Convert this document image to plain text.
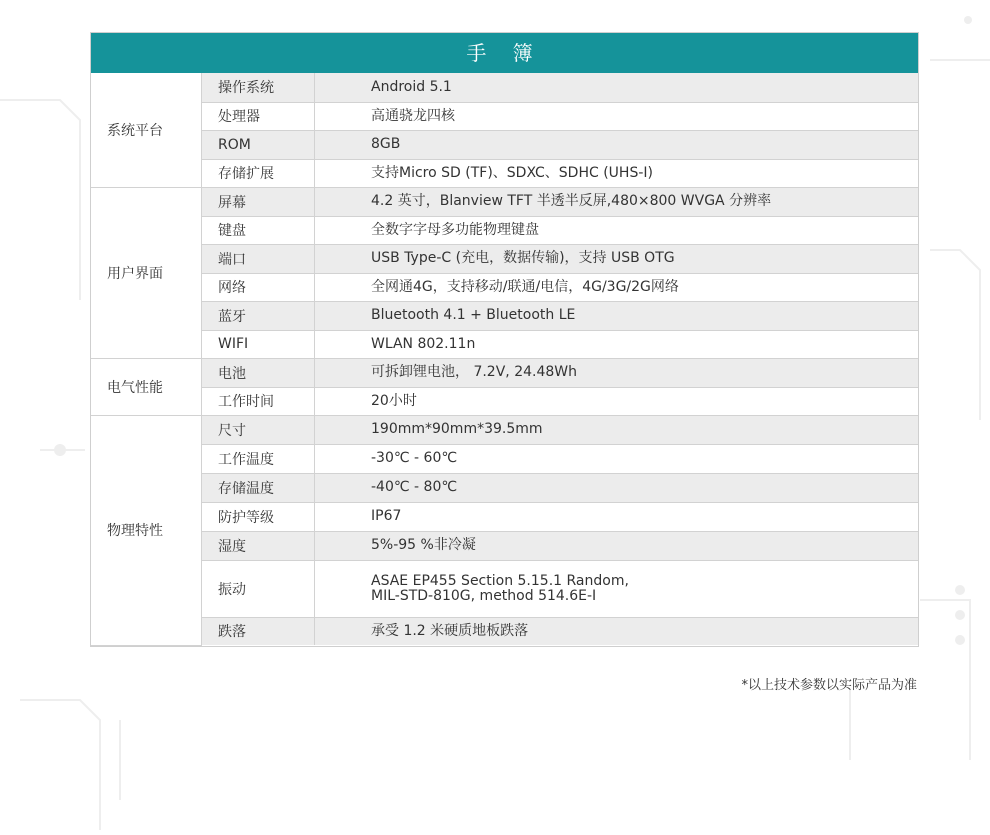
手 簿
系统平台	操作系统	Android 5.1
	处理器	高通骁龙四核
	ROM	8GB
	存储扩展	支持Micro SD (TF)、SDXC、SDHC (UHS-I)
用户界面	屏幕	4.2 英寸，Blanview TFT 半透半反屏,480×800 WVGA 分辨率
	键盘	全数字字母多功能物理键盘
	端口	USB Type-C (充电，数据传输)，支持 USB OTG
	网络	全网通4G，支持移动/联通/电信，4G/3G/2G网络
	蓝牙	Bluetooth 4.1 + Bluetooth LE
	WIFI	WLAN 802.11n
电气性能	电池	可拆卸锂电池， 7.2V, 24.48Wh
	工作时间	20小时
物理特性	尺寸	190mm*90mm*39.5mm
	工作温度	-30℃ - 60℃
	存储温度	-40℃ - 80℃
	防护等级	IP67
	湿度	5%-95 %非冷凝
	振动	ASAE EP455 Section 5.15.1 Random,
MIL-STD-810G, method 514.6E-I

	跌落	承受 1.2 米硬质地板跌落
*以上技术参数以实际产品为准
